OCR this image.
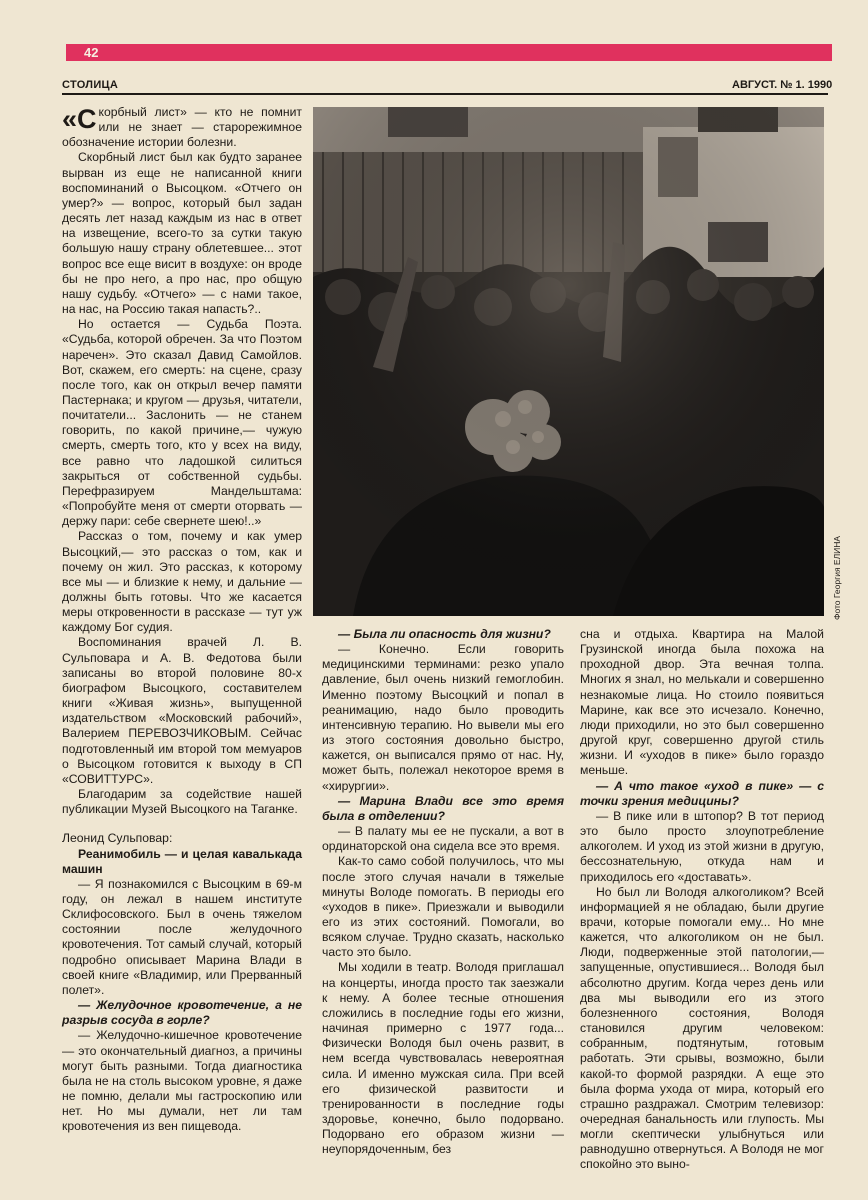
42
СТОЛИЦА	АВГУСТ. № 1. 1990
Фото Георгия ЕЛИНА

«Скорбный лист» — кто не помнит или не знает — старорежимное обозначение истории болезни.

Скорбный лист был как будто заранее вырван из еще не написанной книги воспоминаний о Высоцком. «Отчего он умер?» — вопрос, который был задан десять лет назад каждым из нас в ответ на извещение, всего-то за сутки такую большую нашу страну облетевшее... этот вопрос все еще висит в воздухе: он вроде бы не про него, а про нас, про общую нашу судьбу. «Отчего» — с нами такое, на нас, на Россию такая напасть?..

Но остается — Судьба Поэта. «Судьба, которой обречен. За что Поэтом наречен». Это сказал Давид Самойлов. Вот, скажем, его смерть: на сцене, сразу после того, как он открыл вечер памяти Пастернака; и кругом — друзья, читатели, почитатели... Заслонить — не станем говорить, по какой причине,— чужую смерть, смерть того, кто у всех на виду, все равно что ладошкой силиться закрыться от собственной судьбы. Перефразируем Мандельштама: «Попробуйте меня от смерти оторвать — держу пари: себе свернете шею!..»

Рассказ о том, почему и как умер Высоцкий,— это рассказ о том, как и почему он жил. Это рассказ, к которому все мы — и близкие к нему, и дальние — должны быть готовы. Что же касается меры откровенности в рассказе — тут уж каждому Бог судия.

Воспоминания врачей Л. В. Сульповара и А. В. Федотова были записаны во второй половине 80-х биографом Высоцкого, составителем книги «Живая жизнь», выпущенной издательством «Московский рабочий», Валерием ПЕРЕВОЗЧИКОВЫМ. Сейчас подготовленный им второй том мемуаров о Высоцком готовится к выходу в СП «СОВИТТУРС».

Благодарим за содействие нашей публикации Музей Высоцкого на Таганке.

Леонид Сульповар:

Реанимобиль — и целая кавалькада машин

— Я познакомился с Высоцким в 69-м году, он лежал в нашем институте Склифосовского. Был в очень тяжелом состоянии после желудочного кровотечения. Тот самый случай, который подробно описывает Марина Влади в своей книге «Владимир, или Прерванный полет».

— Желудочное кровотечение, а не разрыв сосуда в горле?

— Желудочно-кишечное кровотечение — это окончательный диагноз, а причины могут быть разными. Тогда диагностика была не на столь высоком уровне, я даже не помню, делали мы гастроскопию или нет. Но мы думали, нет ли там кровотечения из вен пищевода.

— Была ли опасность для жизни?

— Конечно. Если говорить медицинскими терминами: резко упало давление, был очень низкий гемоглобин. Именно поэтому Высоцкий и попал в реанимацию, надо было проводить интенсивную терапию. Но вывели мы его из этого состояния довольно быстро, кажется, он выписался прямо от нас. Ну, может быть, полежал некоторое время в «хирургии».

— Марина Влади все это время была в отделении?

— В палату мы ее не пускали, а вот в ординаторской она сидела все это время.

Как-то само собой получилось, что мы после этого случая начали в тяжелые минуты Володе помогать. В периоды его «уходов в пике». Приезжали и выводили его из этих состояний. Помогали, во всяком случае. Трудно сказать, насколько часто это было.

Мы ходили в театр. Володя приглашал на концерты, иногда просто так заезжали к нему. А более тесные отношения сложились в последние годы его жизни, начиная примерно с 1977 года... Физически Володя был очень развит, в нем всегда чувствовалась невероятная сила. И именно мужская сила. При всей его физической развитости и тренированности в последние годы здоровье, конечно, было подорвано. Подорвано его образом жизни — неупорядоченным, без

сна и отдыха. Квартира на Малой Грузинской иногда была похожа на проходной двор. Эта вечная толпа. Многих я знал, но мелькали и совершенно незнакомые лица. Но стоило появиться Марине, как все это исчезало. Конечно, люди приходили, но это был совершенно другой круг, совершенно другой стиль жизни. И «уходов в пике» было гораздо меньше.

— А что такое «уход в пике» — с точки зрения медицины?

— В пике или в штопор? В тот период это было просто злоупотребление алкоголем. И уход из этой жизни в другую, бессознательную, откуда нам и приходилось его «доставать».

Но был ли Володя алкоголиком? Всей информацией я не обладаю, были другие врачи, которые помогали ему... Но мне кажется, что алкоголиком он не был. Люди, подверженные этой патологии,— запущенные, опустившиеся... Володя был абсолютно другим. Когда через день или два мы выводили его из этого болезненного состояния, Володя становился другим человеком: собранным, подтянутым, готовым работать. Эти срывы, возможно, были какой-то формой разрядки. А еще это была форма ухода от мира, который его страшно раздражал. Смотрим телевизор: очередная банальность или глупость. Мы могли скептически улыбнуться или равнодушно отвернуться. А Володя не мог спокойно это выно-
